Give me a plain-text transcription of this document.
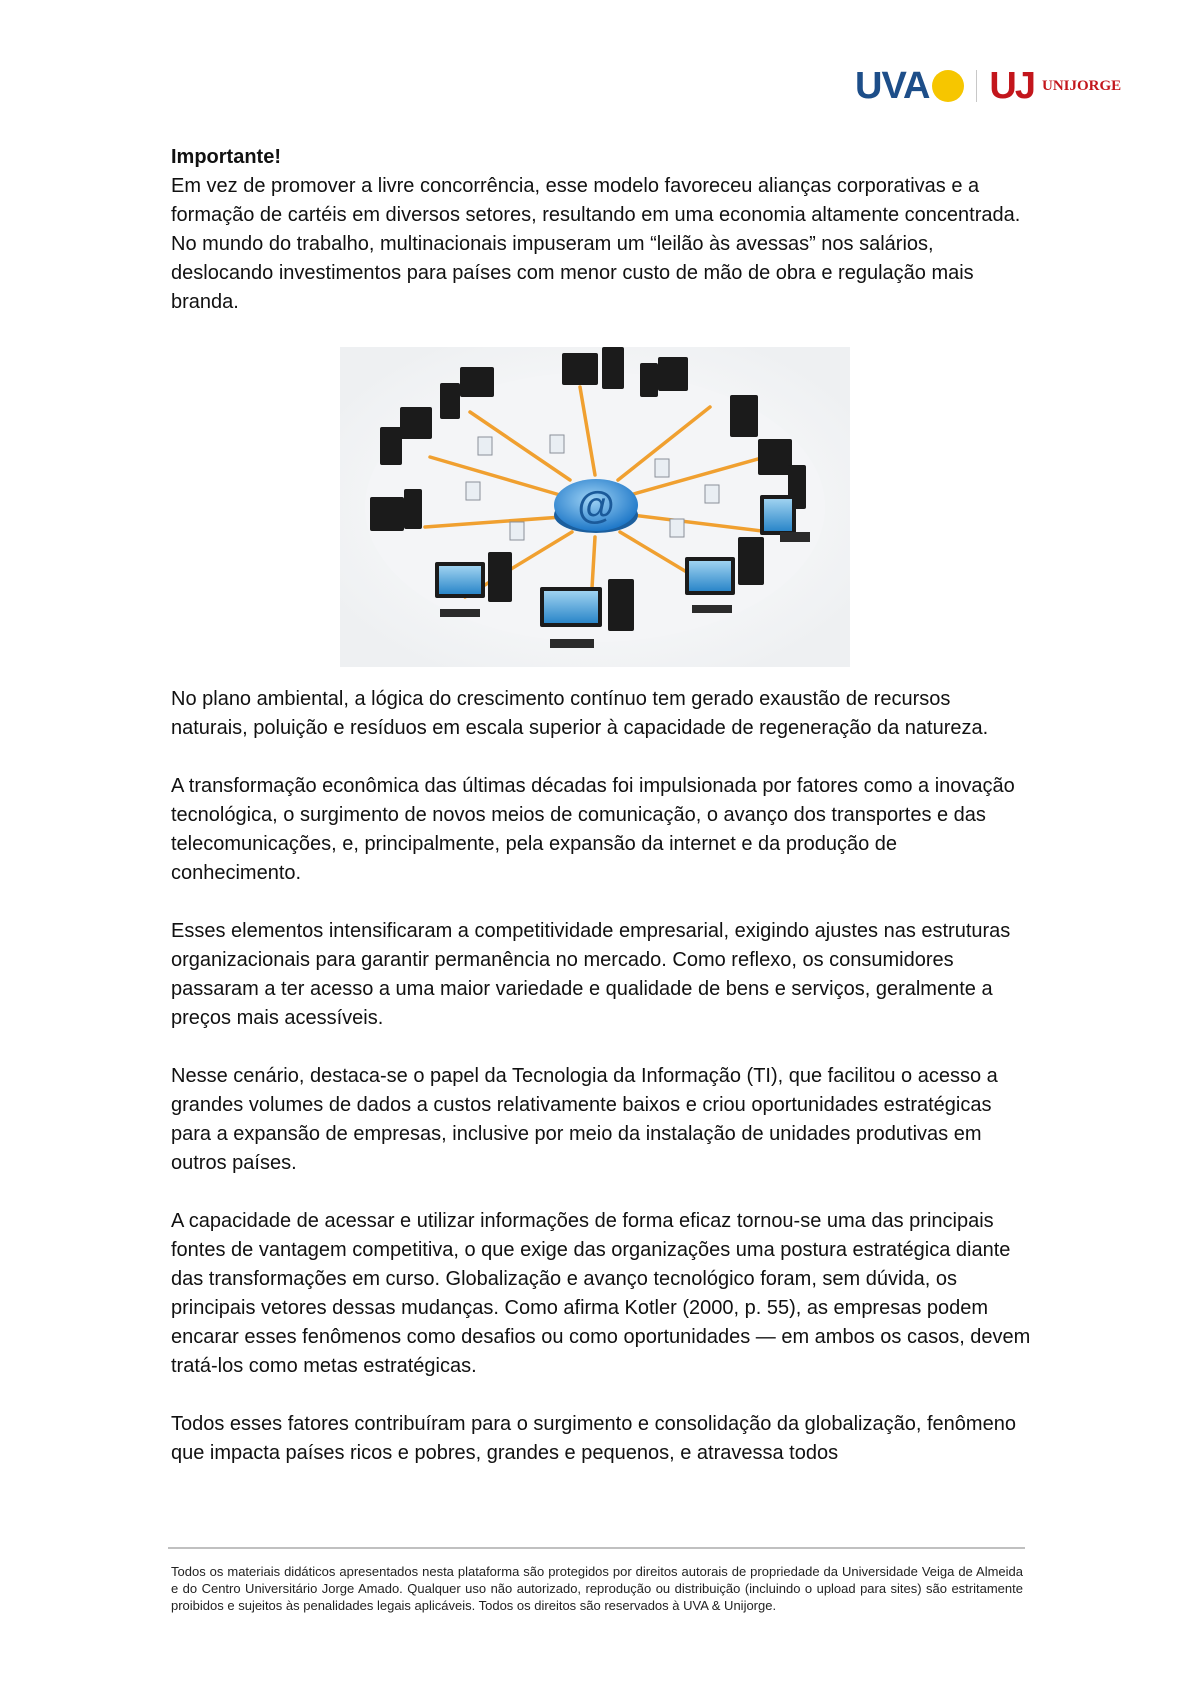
UVA UJ UNIJORGE
Importante!

Em vez de promover a livre concorrência, esse modelo favoreceu alianças corporativas e a formação de cartéis em diversos setores, resultando em uma economia altamente concentrada. No mundo do trabalho, multinacionais impuseram um “leilão às avessas” nos salários, deslocando investimentos para países com menor custo de mão de obra e regulação mais branda.

No plano ambiental, a lógica do crescimento contínuo tem gerado exaustão de recursos naturais, poluição e resíduos em escala superior à capacidade de regeneração da natureza.

A transformação econômica das últimas décadas foi impulsionada por fatores como a inovação tecnológica, o surgimento de novos meios de comunicação, o avanço dos transportes e das telecomunicações, e, principalmente, pela expansão da internet e da produção de conhecimento.

Esses elementos intensificaram a competitividade empresarial, exigindo ajustes nas estruturas organizacionais para garantir permanência no mercado. Como reflexo, os consumidores passaram a ter acesso a uma maior variedade e qualidade de bens e serviços, geralmente a preços mais acessíveis.

Nesse cenário, destaca-se o papel da Tecnologia da Informação (TI), que facilitou o acesso a grandes volumes de dados a custos relativamente baixos e criou oportunidades estratégicas para a expansão de empresas, inclusive por meio da instalação de unidades produtivas em outros países.

A capacidade de acessar e utilizar informações de forma eficaz tornou-se uma das principais fontes de vantagem competitiva, o que exige das organizações uma postura estratégica diante das transformações em curso. Globalização e avanço tecnológico foram, sem dúvida, os principais vetores dessas mudanças. Como afirma Kotler (2000, p. 55), as empresas podem encarar esses fenômenos como desafios ou como oportunidades — em ambos os casos, devem tratá-los como metas estratégicas.

Todos esses fatores contribuíram para o surgimento e consolidação da globalização, fenômeno que impacta países ricos e pobres, grandes e pequenos, e atravessa todos

@
Todos os materiais didáticos apresentados nesta plataforma são protegidos por direitos autorais de propriedade da Universidade Veiga de Almeida e do Centro Universitário Jorge Amado. Qualquer uso não autorizado, reprodução ou distribuição (incluindo o upload para sites) são estritamente proibidos e sujeitos às penalidades legais aplicáveis. Todos os direitos são reservados à UVA & Unijorge.
